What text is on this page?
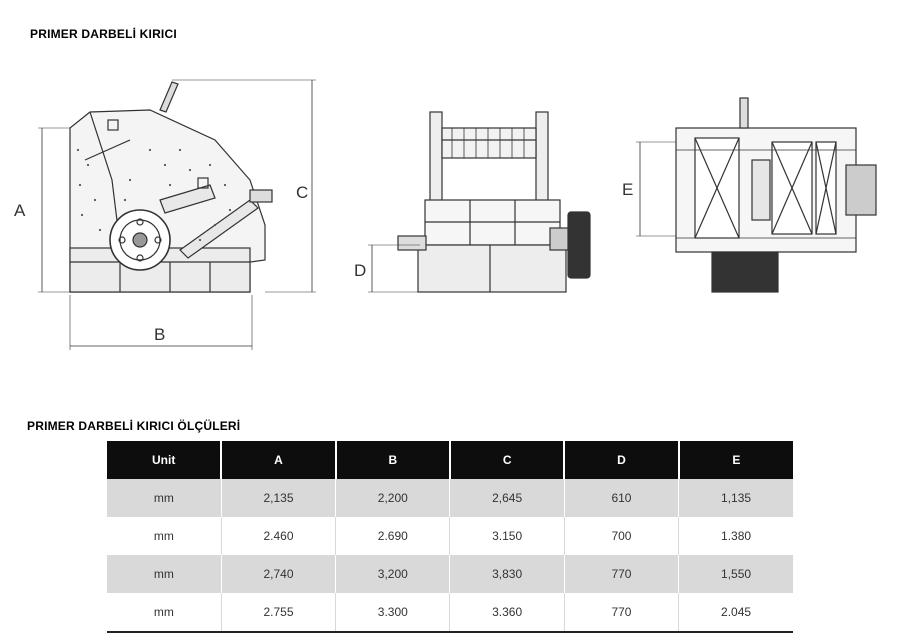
PRIMER DARBELİ KIRICI
A
B
C
D
E
PRIMER DARBELİ KIRICI ÖLÇÜLERİ
Unit	A	B	C	D	E
mm	2,135	2,200	2,645	610	1,135
mm	2.460	2.690	3.150	700	1.380
mm	2,740	3,200	3,830	770	1,550
mm	2.755	3.300	3.360	770	2.045
